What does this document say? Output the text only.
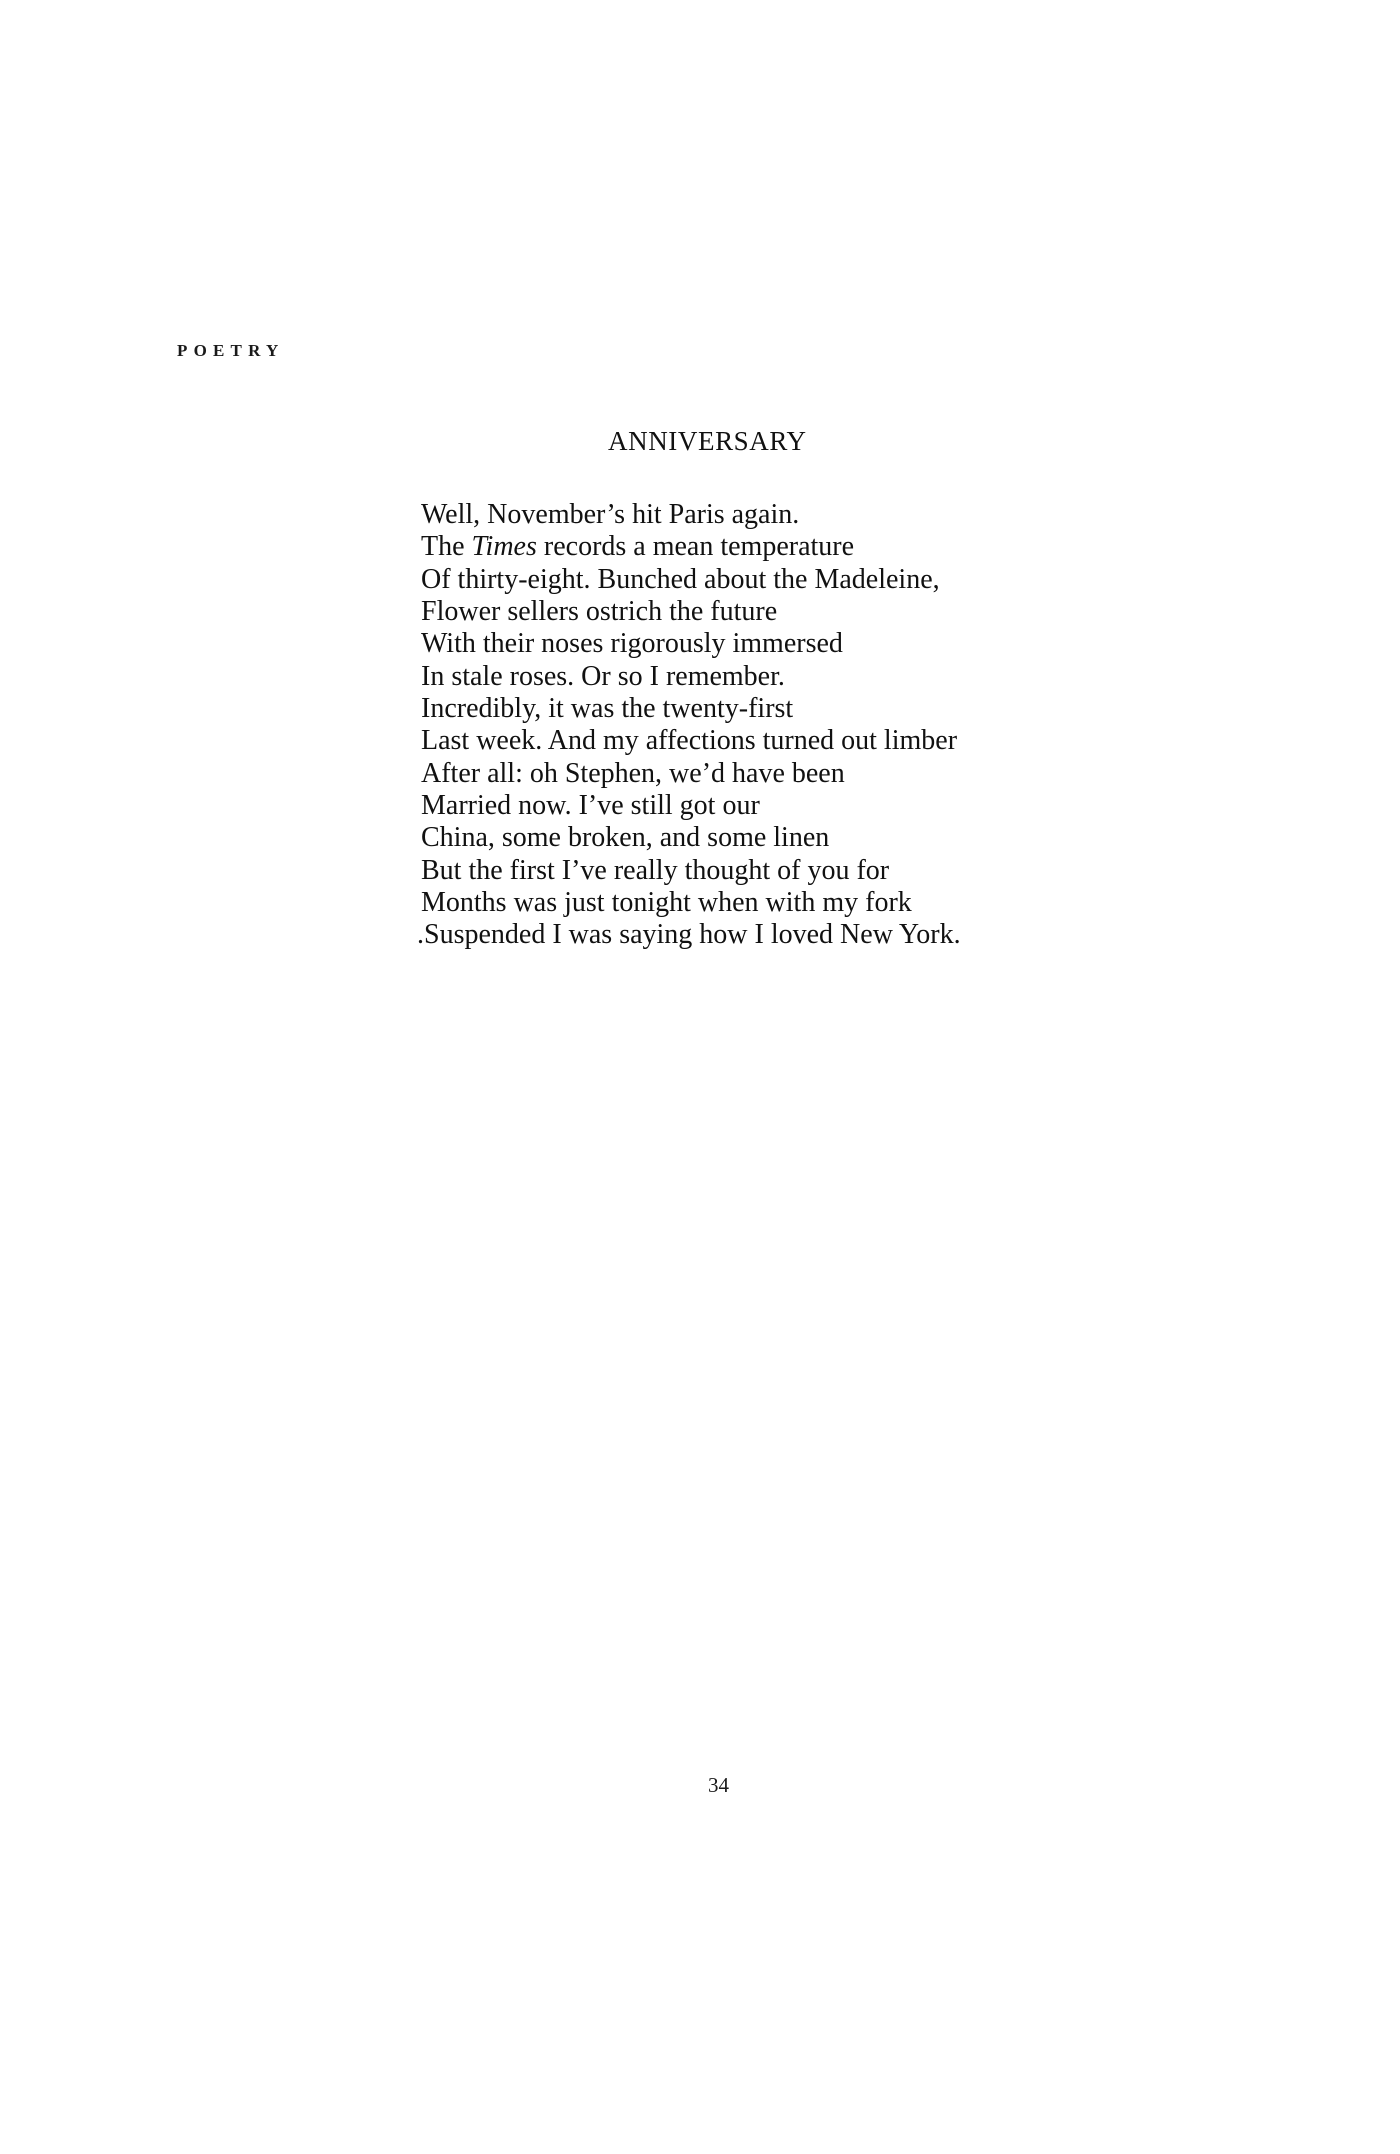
POETRY
ANNIVERSARY
Well, November’s hit Paris again.
The Times records a mean temperature
Of thirty-eight. Bunched about the Madeleine,
Flower sellers ostrich the future
With their noses rigorously immersed
In stale roses. Or so I remember.
Incredibly, it was the twenty-first
Last week. And my affections turned out limber
After all: oh Stephen, we’d have been
Married now. I’ve still got our
China, some broken, and some linen
But the first I’ve really thought of you for
Months was just tonight when with my fork
.Suspended I was saying how I loved New York.
34
